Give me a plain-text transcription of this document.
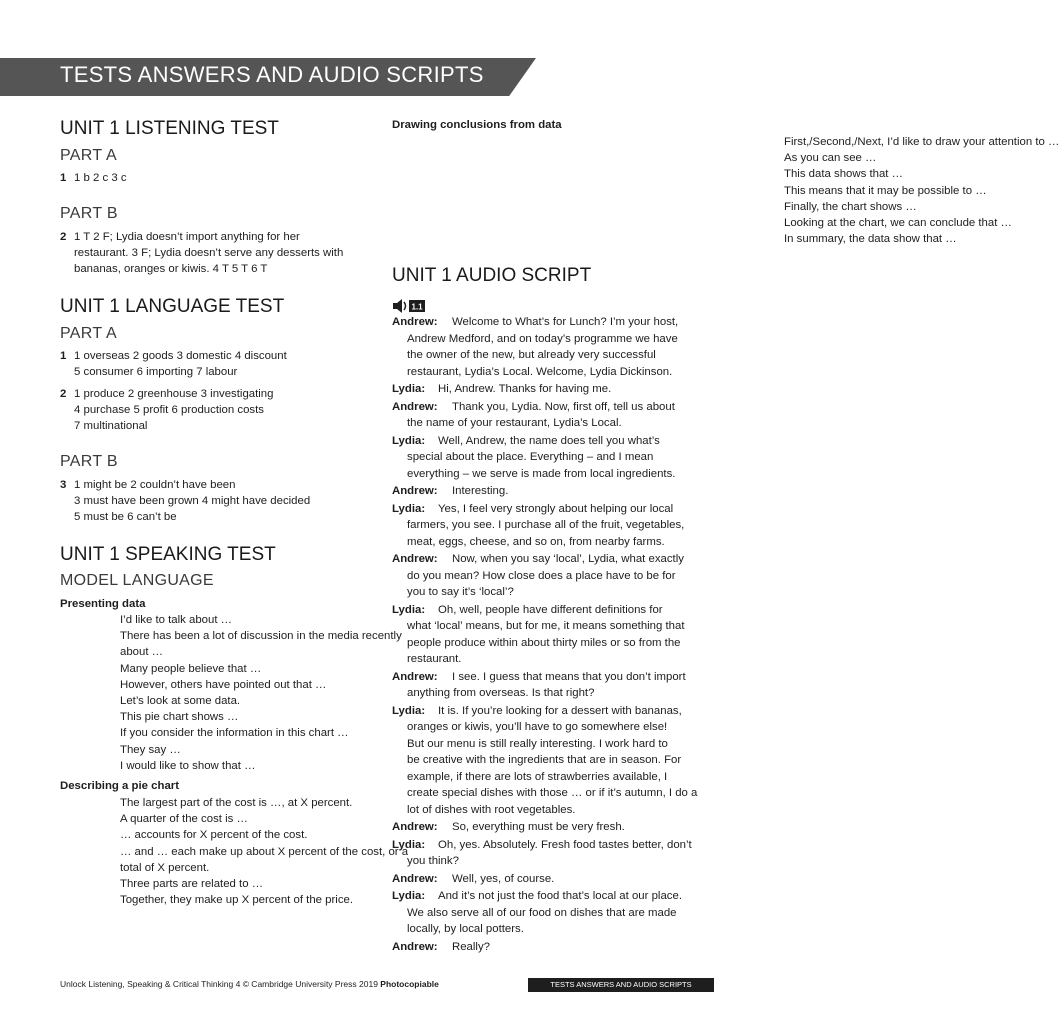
TESTS ANSWERS AND AUDIO SCRIPTS
UNIT 1 LISTENING TEST
PART A
1 1 b 2 c 3 c
PART B
2 1 T 2 F; Lydia doesn’t import anything for her
restaurant. 3 F; Lydia doesn’t serve any desserts with
bananas, oranges or kiwis. 4 T 5 T 6 T
UNIT 1 LANGUAGE TEST
PART A
1 1 overseas 2 goods 3 domestic 4 discount
5 consumer 6 importing 7 labour
2 1 produce 2 greenhouse 3 investigating
4 purchase 5 profit 6 production costs
7 multinational
PART B
3 1 might be 2 couldn’t have been
3 must have been grown 4 might have decided
5 must be 6 can’t be
UNIT 1 SPEAKING TEST
MODEL LANGUAGE
Presenting data
I’d like to talk about …
There has been a lot of discussion in the media recently
about …
Many people believe that …
However, others have pointed out that …
Let’s look at some data.
This pie chart shows …
If you consider the information in this chart …
They say …
I would like to show that …
Describing a pie chart
The largest part of the cost is …, at X percent.
A quarter of the cost is …
… accounts for X percent of the cost.
… and … each make up about X percent of the cost, or a
total of X percent.
Three parts are related to …
Together, they make up X percent of the price.
Drawing conclusions from data
First,/Second,/Next, I’d like to draw your attention to …
As you can see …
This data shows that …
This means that it may be possible to …
Finally, the chart shows …
Looking at the chart, we can conclude that …
In summary, the data show that …
UNIT 1 AUDIO SCRIPT
1.1
Andrew: Welcome to What’s for Lunch? I’m your host,
Andrew Medford, and on today’s programme we have
the owner of the new, but already very successful
restaurant, Lydia’s Local. Welcome, Lydia Dickinson.
Lydia: Hi, Andrew. Thanks for having me.
Andrew: Thank you, Lydia. Now, first off, tell us about
the name of your restaurant, Lydia’s Local.
Lydia: Well, Andrew, the name does tell you what’s
special about the place. Everything – and I mean
everything – we serve is made from local ingredients.
Andrew: Interesting.
Lydia: Yes, I feel very strongly about helping our local
farmers, you see. I purchase all of the fruit, vegetables,
meat, eggs, cheese, and so on, from nearby farms.
Andrew: Now, when you say ‘local’, Lydia, what exactly
do you mean? How close does a place have to be for
you to say it’s ‘local’?
Lydia: Oh, well, people have different definitions for
what ‘local’ means, but for me, it means something that
people produce within about thirty miles or so from the
restaurant.
Andrew: I see. I guess that means that you don’t import
anything from overseas. Is that right?
Lydia: It is. If you’re looking for a dessert with bananas,
oranges or kiwis, you’ll have to go somewhere else!
But our menu is still really interesting. I work hard to
be creative with the ingredients that are in season. For
example, if there are lots of strawberries available, I
create special dishes with those … or if it’s autumn, I do a
lot of dishes with root vegetables.
Andrew: So, everything must be very fresh.
Lydia: Oh, yes. Absolutely. Fresh food tastes better, don’t
you think?
Andrew: Well, yes, of course.
Lydia: And it’s not just the food that’s local at our place.
We also serve all of our food on dishes that are made
locally, by local potters.
Andrew: Really?
Unlock Listening, Speaking & Critical Thinking 4 © Cambridge University Press 2019 Photocopiable	TESTS ANSWERS AND AUDIO SCRIPTS
